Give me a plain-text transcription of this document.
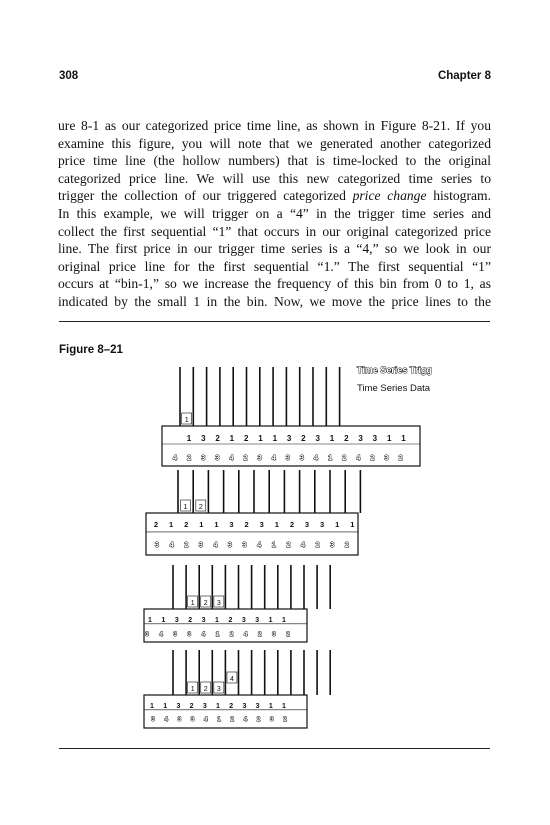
308	Chapter 8
ure 8-1 as our categorized price time line, as shown in Figure 8-21. If you
examine this figure, you will note that we generated another categorized
price time line (the hollow numbers) that is time-locked to the original
categorized price line. We will use this new categorized time series to
trigger the collection of our triggered categorized price change histogram.
In this example, we will trigger on a “4” in the trigger time series and
collect the first sequential “1” that occurs in our original categorized price
line. The first price in our trigger time series is a “4,” so we look in our
original price line for the first sequential “1.” The first sequential “1”
occurs at “bin-1,” so we increase the frequency of this bin from 0 to 1, as
indicated by the small 1 in the bin. Now, we move the price lines to the
Figure 8–21
Time Series Trigg
Time Series Data
1
1 3 2 1 2 1 1 3 2 3 1 2 3 3 1 1
4 2 3 3 4 2 3 4 3 3 4 1 2 4 2 3 2
1 2
2 1 2 1 1 3 2 3 1 2 3 3 1 1
3 4 2 3 4 3 3 4 1 2 4 2 3 2
1 2 3
1 1 3 2 3 1 2 3 3 1 1
3 4 3 3 4 1 2 4 2 3 2
1 2 3
4
1 1 3 2 3 1 2 3 3 1 1
3 4 3 3 4 1 2 4 2 3 2
